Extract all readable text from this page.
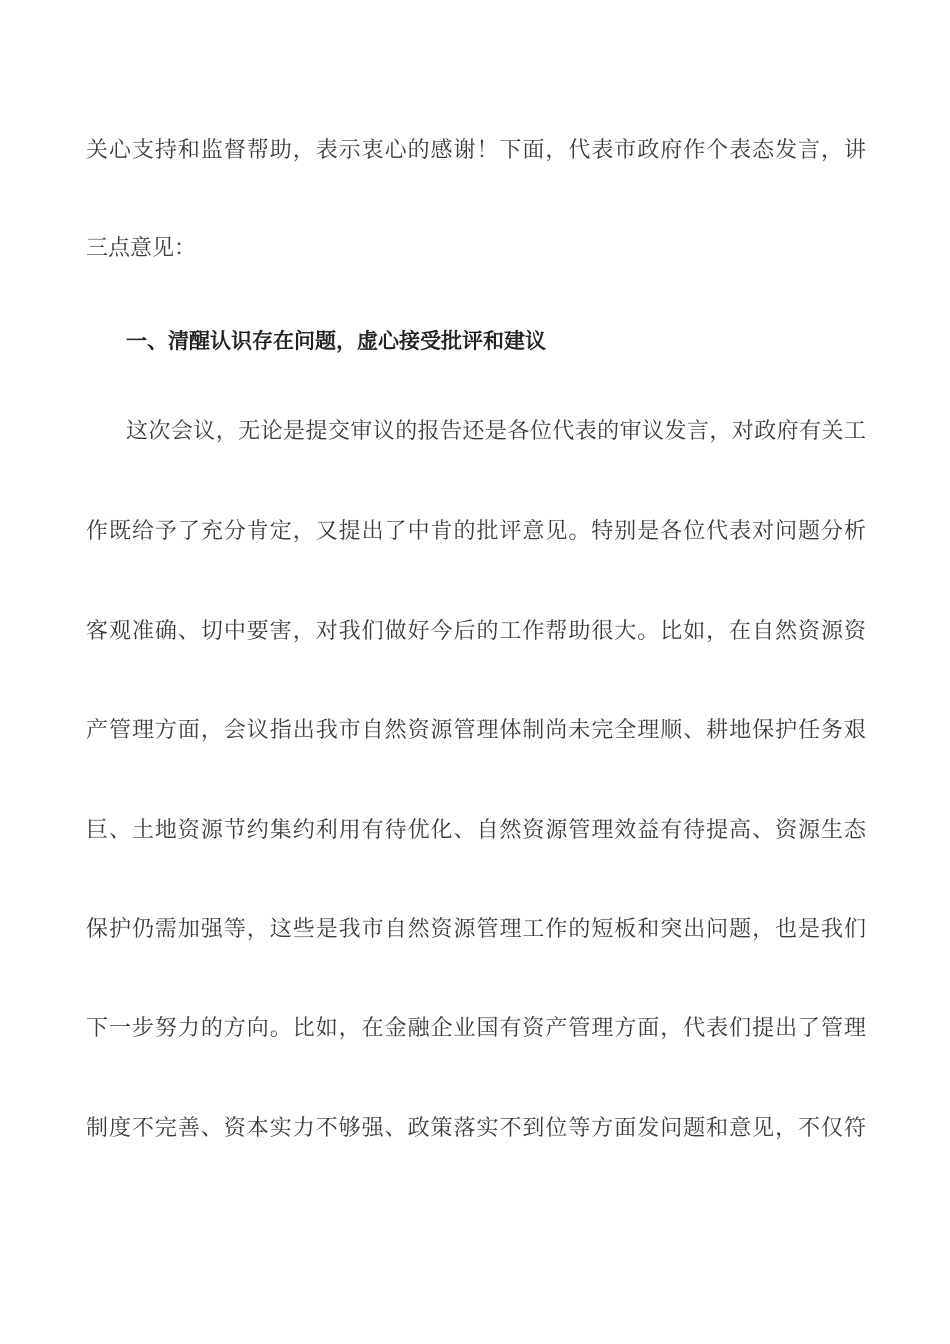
关心支持和监督帮助，表示衷心的感谢！下面，代表市政府作个表态发言，讲
三点意见：
一、清醒认识存在问题，虚心接受批评和建议
这次会议，无论是提交审议的报告还是各位代表的审议发言，对政府有关工
作既给予了充分肯定，又提出了中肯的批评意见。特别是各位代表对问题分析
客观准确、切中要害，对我们做好今后的工作帮助很大。比如，在自然资源资
产管理方面，会议指出我市自然资源管理体制尚未完全理顺、耕地保护任务艰
巨、土地资源节约集约利用有待优化、自然资源管理效益有待提高、资源生态
保护仍需加强等，这些是我市自然资源管理工作的短板和突出问题，也是我们
下一步努力的方向。比如，在金融企业国有资产管理方面，代表们提出了管理
制度不完善、资本实力不够强、政策落实不到位等方面发问题和意见，不仅符
